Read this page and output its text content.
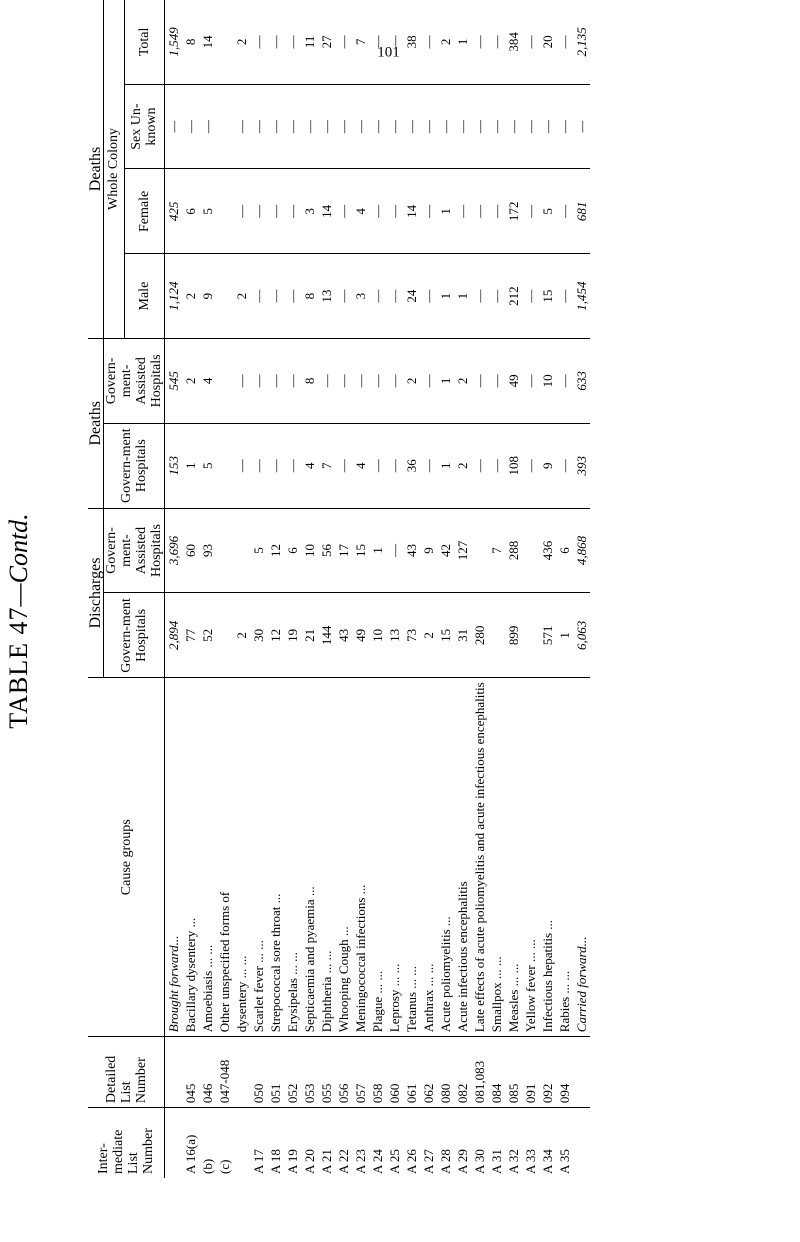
TABLE 47—Contd.
Inter-mediate List Number	Detailed List Number	Cause groups	Discharges		Deaths		Deaths			
			Govern-ment Hospitals	Govern-ment-Assisted Hospitals	Govern-ment Hospitals	Govern-ment-Assisted Hospitals	Whole Colony			
							Male	Female	Sex Un-known	Total
		Brought forward...	2,894	3,696	153	545	1,124	425	—	1,549
A 16(a)	045	Bacillary dysentery ...	77	60	1	2	2	6	—	8
(b)	046	Amoebiasis ... ...	52	93	5	4	9	5	—	14
(c)	047-048	Other unspecified forms of								
		dysentery ... ...	2		—	—	2	—	—	2
A 17	050	Scarlet fever ... ...	30	5	—	—	—	—	—	—
A 18	051	Strepococcal sore throat ...	12	12	—	—	—	—	—	—
A 19	052	Erysipelas ... ...	19	6	—	—	—	—	—	—
A 20	053	Septicaemia and pyaemia ...	21	10	4	8	8	3	—	11
A 21	055	Diphtheria ... ...	144	56	7	—	13	14	—	27
A 22	056	Whooping Cough ...	43	17	—	—	—	—	—	—
A 23	057	Meningococcal infections ...	49	15	4	—	3	4	—	7
A 24	058	Plague ... ...	10	1	—	—	—	—	—	—
A 25	060	Leprosy ... ...	13	—	—	—	—	—	—	—
A 26	061	Tetanus ... ...	73	43	36	2	24	14	—	38
A 27	062	Anthrax ... ...	2	9	—	—	—	—	—	—
A 28	080	Acute poliomyelitis ...	15	42	1	1	1	1	—	2
A 29	082	Acute infectious encephalitis	31	127	2	2	1	—	—	1
A 30	081,083	Late effects of acute poliomyelitis and acute infectious encephalitis	280		—	—	—	—	—	—
A 31	084	Smallpox ... ...		7	—	—	—	—	—	—
A 32	085	Measles ... ...	899	288	108	49	212	172	—	384
A 33	091	Yellow fever ... ...			—	—	—	—	—	—
A 34	092	Infectious hepatitis ...	571	436	9	10	15	5	—	20
A 35	094	Rabies ... ...	1	6	—	—	—	—	—	—
		Carried forward...	6,063	4,868	393	633	1,454	681	—	2,135
101
